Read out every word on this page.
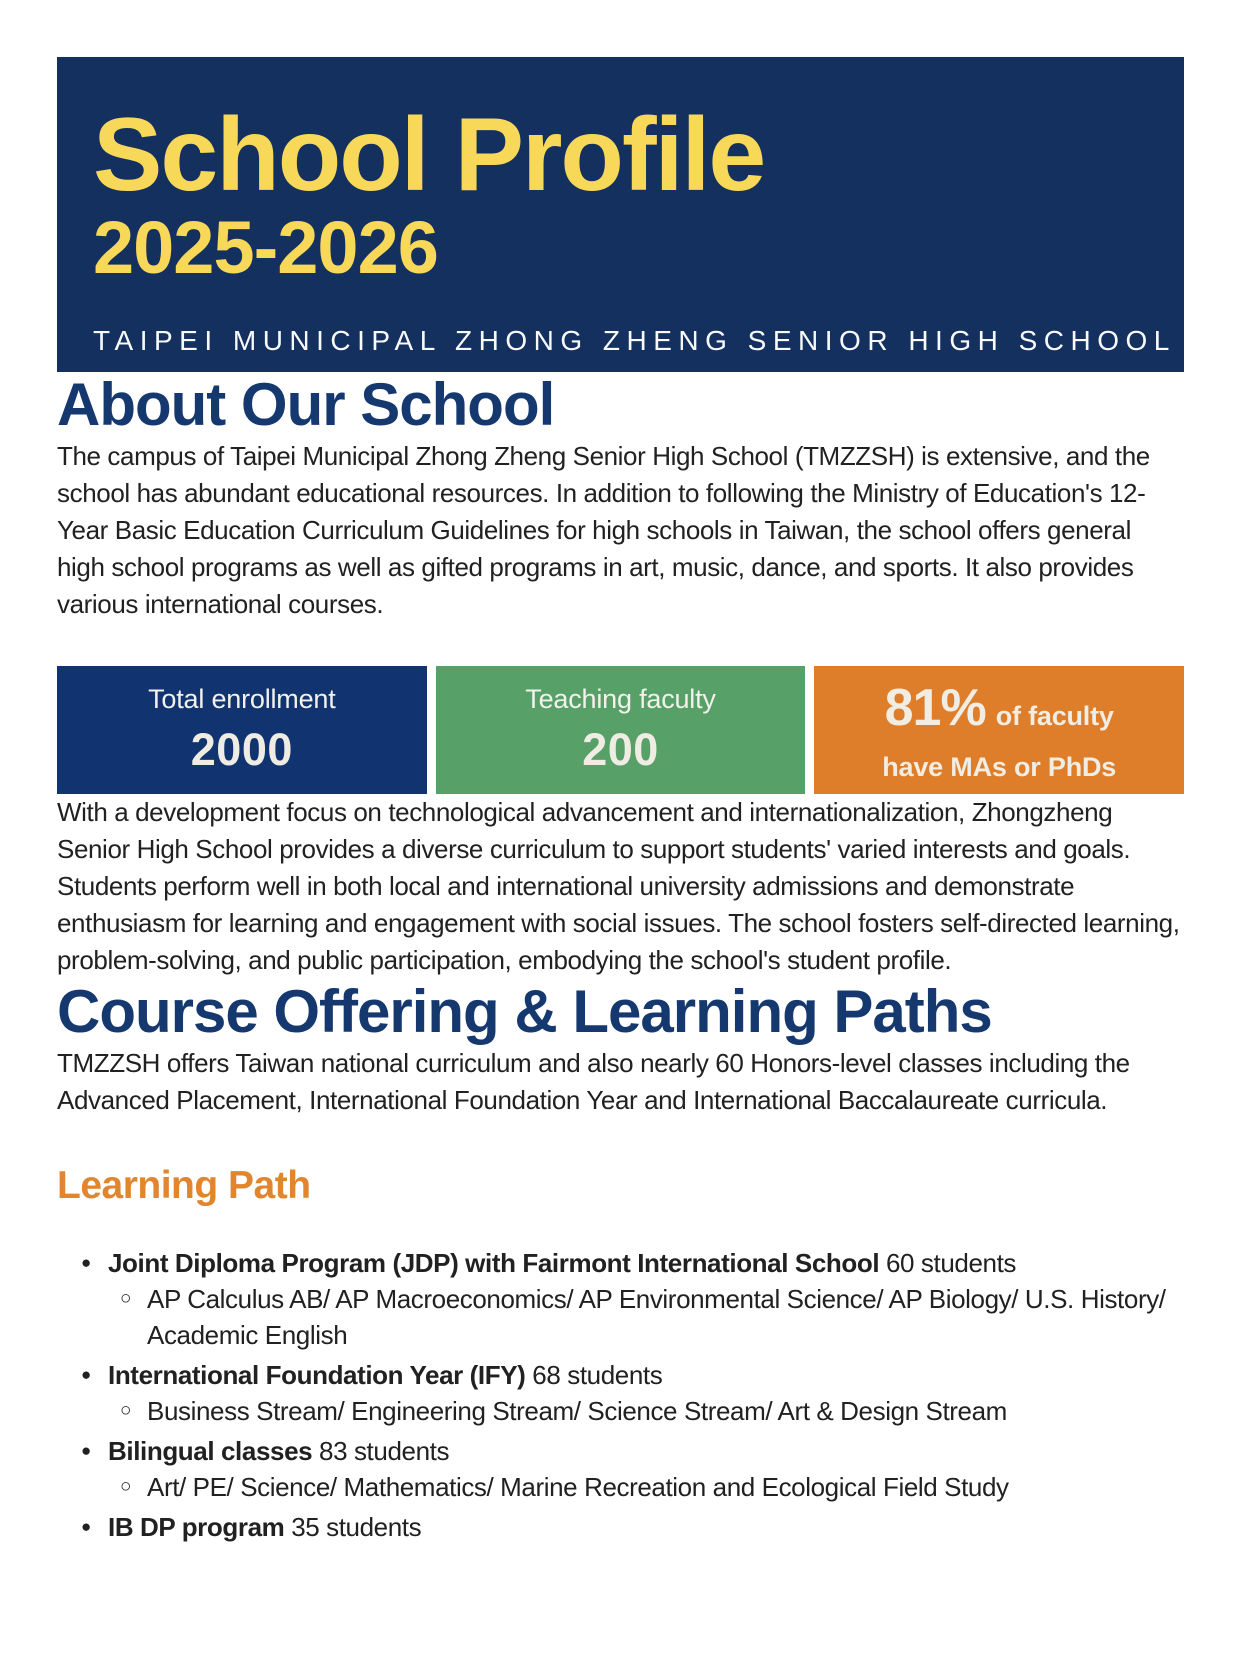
School Profile
2025-2026
TAIPEI MUNICIPAL ZHONG ZHENG SENIOR HIGH SCHOOL
About Our School

The campus of Taipei Municipal Zhong Zheng Senior High School (TMZZSH) is extensive, and the school has abundant educational resources. In addition to following the Ministry of Education's 12-Year Basic Education Curriculum Guidelines for high schools in Taiwan, the school offers general high school programs as well as gifted programs in art, music, dance, and sports. It also provides various international courses.

Total enrollment
2000
Teaching faculty
200
81% of faculty
have MAs or PhDs

With a development focus on technological advancement and internationalization, Zhongzheng Senior High School provides a diverse curriculum to support students' varied interests and goals. Students perform well in both local and international university admissions and demonstrate enthusiasm for learning and engagement with social issues. The school fosters self-directed learning, problem-solving, and public participation, embodying the school's student profile.

Course Offering & Learning Paths

TMZZSH offers Taiwan national curriculum and also nearly 60 Honors-level classes including the Advanced Placement, International Foundation Year and International Baccalaureate curricula.

Learning Path
● Joint Diploma Program (JDP) with Fairmont International School 60 students
○ AP Calculus AB/ AP Macroeconomics/ AP Environmental Science/ AP Biology/ U.S. History/ Academic English
● International Foundation Year (IFY) 68 students
○ Business Stream/ Engineering Stream/ Science Stream/ Art & Design Stream
● Bilingual classes 83 students
○ Art/ PE/ Science/ Mathematics/ Marine Recreation and Ecological Field Study
● IB DP program 35 students
